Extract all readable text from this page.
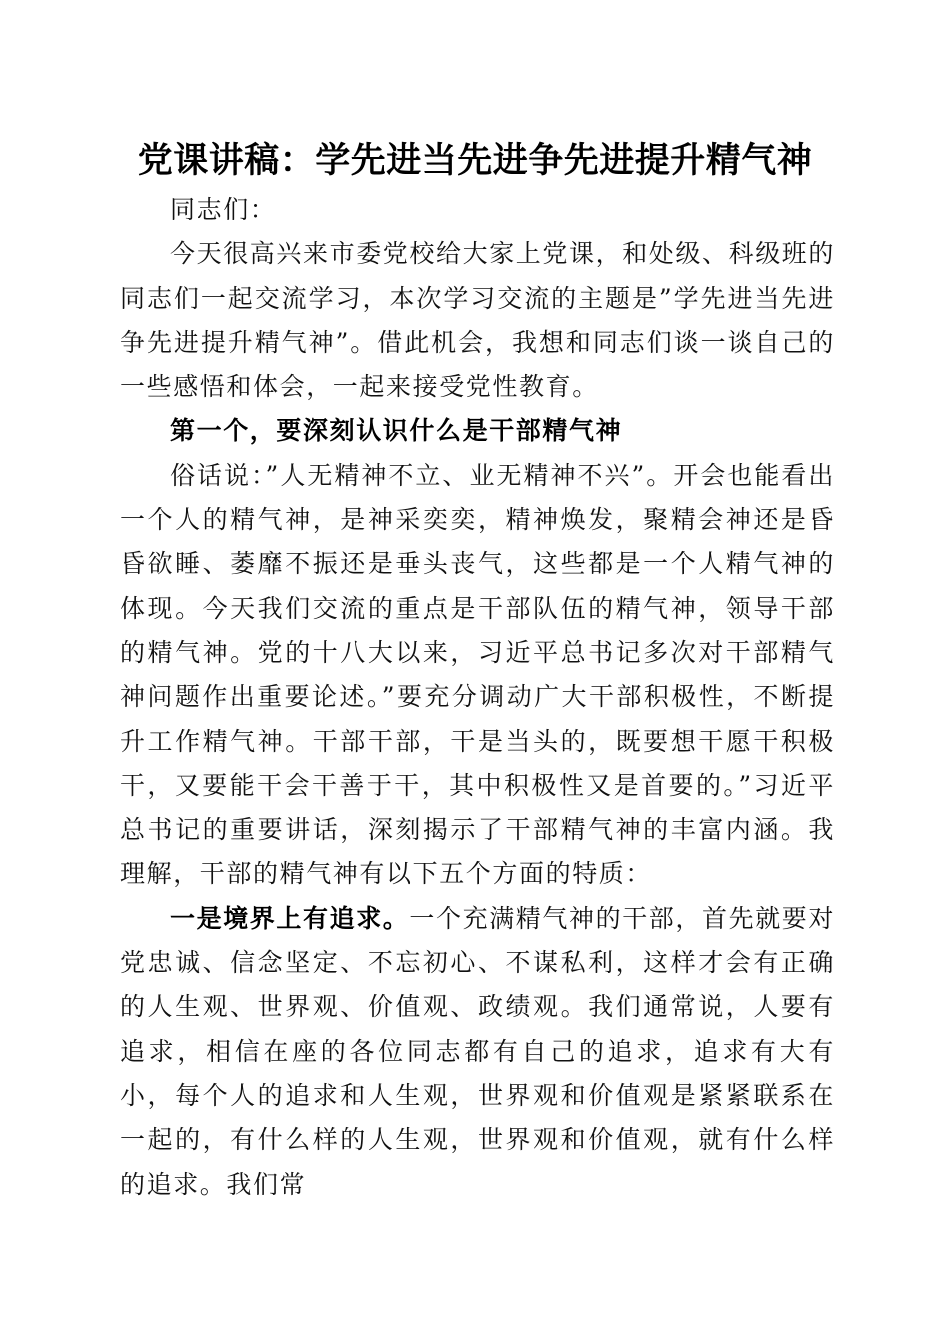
党课讲稿：学先进当先进争先进提升精气神

同志们：

今天很高兴来市委党校给大家上党课，和处级、科级班的同志们一起交流学习，本次学习交流的主题是”学先进当先进争先进提升精气神”。借此机会，我想和同志们谈一谈自己的一些感悟和体会，一起来接受党性教育。

第一个，要深刻认识什么是干部精气神

俗话说：”人无精神不立、业无精神不兴”。开会也能看出一个人的精气神，是神采奕奕，精神焕发，聚精会神还是昏昏欲睡、萎靡不振还是垂头丧气，这些都是一个人精气神的体现。今天我们交流的重点是干部队伍的精气神，领导干部的精气神。党的十八大以来，习近平总书记多次对干部精气神问题作出重要论述。”要充分调动广大干部积极性，不断提升工作精气神。干部干部，干是当头的，既要想干愿干积极干，又要能干会干善于干，其中积极性又是首要的。”习近平总书记的重要讲话，深刻揭示了干部精气神的丰富内涵。我理解，干部的精气神有以下五个方面的特质：

一是境界上有追求。一个充满精气神的干部，首先就要对党忠诚、信念坚定、不忘初心、不谋私利，这样才会有正确的人生观、世界观、价值观、政绩观。我们通常说，人要有追求，相信在座的各位同志都有自己的追求，追求有大有小，每个人的追求和人生观，世界观和价值观是紧紧联系在一起的，有什么样的人生观，世界观和价值观，就有什么样的追求。我们常
